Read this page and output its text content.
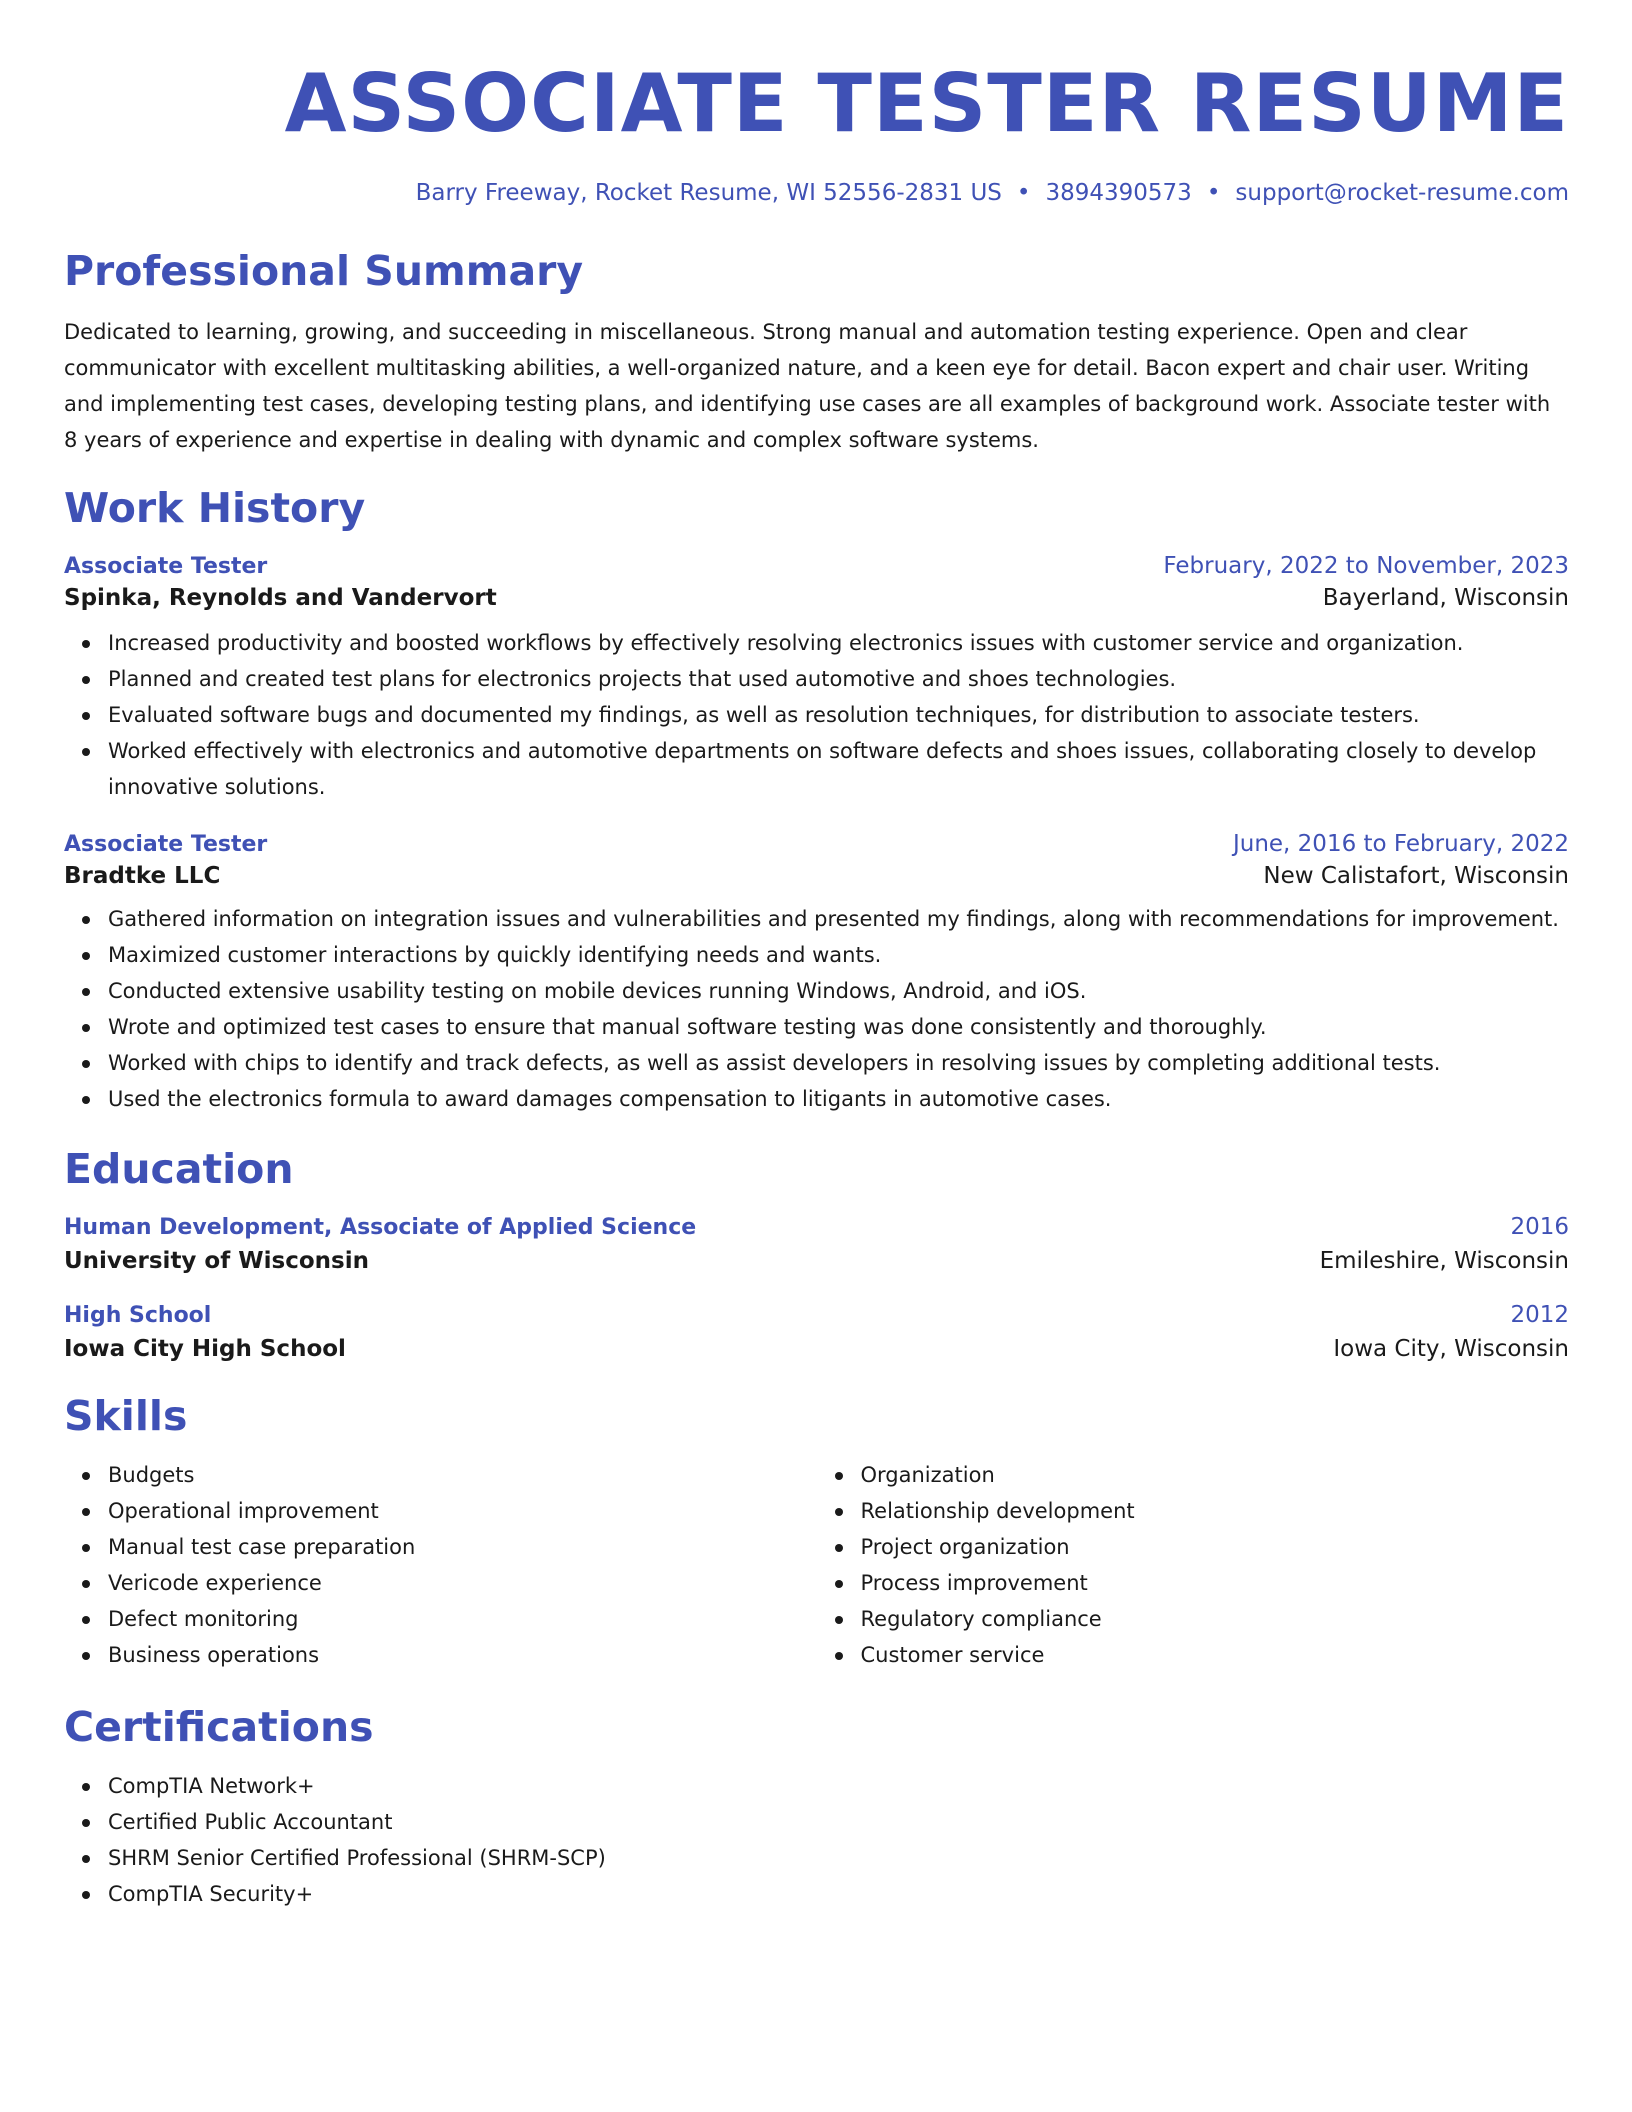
ASSOCIATE TESTER RESUME
Barry Freeway, Rocket Resume, WI 52556-2831 US • 3894390573 • support@rocket-resume.com
Professional Summary

Dedicated to learning, growing, and succeeding in miscellaneous. Strong manual and automation testing experience. Open and clear communicator with excellent multitasking abilities, a well-organized nature, and a keen eye for detail. Bacon expert and chair user. Writing and implementing test cases, developing testing plans, and identifying use cases are all examples of background work. Associate tester with 8 years of experience and expertise in dealing with dynamic and complex software systems.

Work History
Associate Tester	February, 2022 to November, 2023
Spinka, Reynolds and Vandervort	Bayerland, Wisconsin
Increased productivity and boosted workflows by effectively resolving electronics issues with customer service and organization.
Planned and created test plans for electronics projects that used automotive and shoes technologies.
Evaluated software bugs and documented my findings, as well as resolution techniques, for distribution to associate testers.
Worked effectively with electronics and automotive departments on software defects and shoes issues, collaborating closely to develop innovative solutions.
Associate Tester	June, 2016 to February, 2022
Bradtke LLC	New Calistafort, Wisconsin
Gathered information on integration issues and vulnerabilities and presented my findings, along with recommendations for improvement.
Maximized customer interactions by quickly identifying needs and wants.
Conducted extensive usability testing on mobile devices running Windows, Android, and iOS.
Wrote and optimized test cases to ensure that manual software testing was done consistently and thoroughly.
Worked with chips to identify and track defects, as well as assist developers in resolving issues by completing additional tests.
Used the electronics formula to award damages compensation to litigants in automotive cases.
Education
Human Development, Associate of Applied Science	2016
University of Wisconsin	Emileshire, Wisconsin
High School	2012
Iowa City High School	Iowa City, Wisconsin
Skills
Budgets
Operational improvement
Manual test case preparation
Vericode experience
Defect monitoring
Business operations
Organization
Relationship development
Project organization
Process improvement
Regulatory compliance
Customer service
Certifications
CompTIA Network+
Certified Public Accountant
SHRM Senior Certified Professional (SHRM-SCP)
CompTIA Security+
